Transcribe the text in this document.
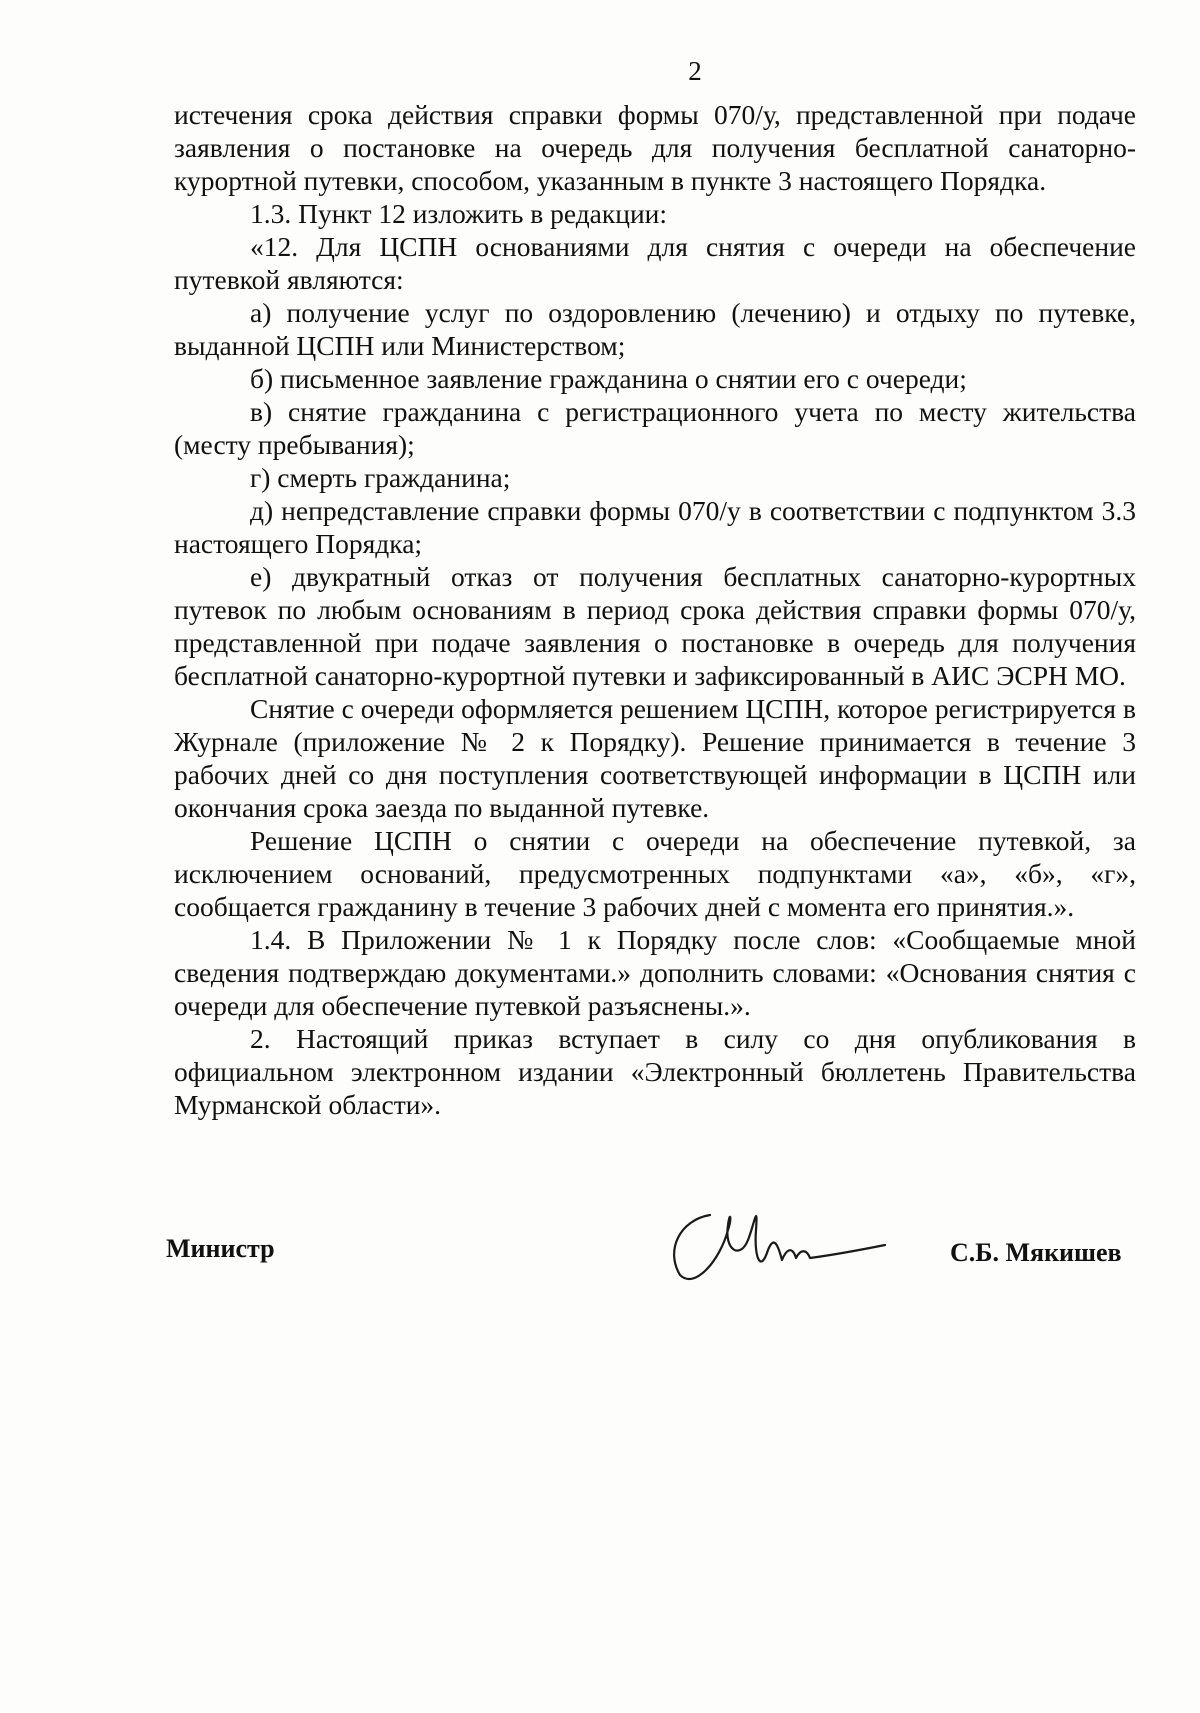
2

истечения срока действия справки формы 070/у, представленной при подаче заявления о постановке на очередь для получения бесплатной санаторно-курортной путевки, способом, указанным в пункте 3 настоящего Порядка.

1.3. Пункт 12 изложить в редакции:

«12. Для ЦСПН основаниями для снятия с очереди на обеспечение путевкой являются:

а) получение услуг по оздоровлению (лечению) и отдыху по путевке, выданной ЦСПН или Министерством;

б) письменное заявление гражданина о снятии его с очереди;

в) снятие гражданина с регистрационного учета по месту жительства (месту пребывания);

г) смерть гражданина;

д) непредставление справки формы 070/у в соответствии с подпунктом 3.3 настоящего Порядка;

е) двукратный отказ от получения бесплатных санаторно-курортных путевок по любым основаниям в период срока действия справки формы 070/у, представленной при подаче заявления о постановке в очередь для получения бесплатной санаторно-курортной путевки и зафиксированный в АИС ЭСРН МО.

Снятие с очереди оформляется решением ЦСПН, которое регистрируется в Журнале (приложение № 2 к Порядку). Решение принимается в течение 3 рабочих дней со дня поступления соответствующей информации в ЦСПН или окончания срока заезда по выданной путевке.

Решение ЦСПН о снятии с очереди на обеспечение путевкой, за исключением оснований, предусмотренных подпунктами «а», «б», «г», сообщается гражданину в течение 3 рабочих дней с момента его принятия.».

1.4. В Приложении № 1 к Порядку после слов: «Сообщаемые мной сведения подтверждаю документами.» дополнить словами: «Основания снятия с очереди для обеспечение путевкой разъяснены.».

2. Настоящий приказ вступает в силу со дня опубликования в официальном электронном издании «Электронный бюллетень Правительства Мурманской области».

Министр	С.Б. Мякишев
